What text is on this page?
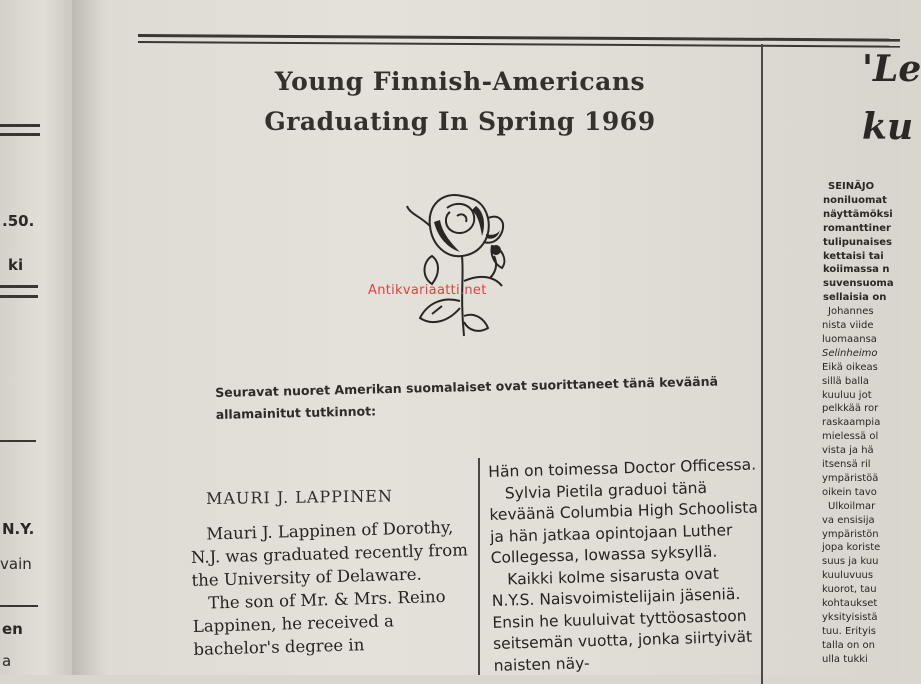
.50.
ki
N.Y.
vain
en
a
Young Finnish-Americans
Graduating In Spring 1969
Antikvariaatti.net
Seuravat nuoret Amerikan suomalaiset ovat suorittaneet tänä keväänä
allamainitut tutkinnot:
MAURI J. LAPPINEN

Mauri J. Lappinen of Dorothy, N.J. was graduated recently from the University of Delaware.

The son of Mr. & Mrs. Reino Lappinen, he received a bachelor's degree in

Hän on toimessa Doctor Officessa.

Sylvia Pietila graduoi tänä keväänä Columbia High Schoolista ja hän jatkaa opintojaan Luther Collegessa, Iowassa syksyllä.

Kaikki kolme sisarusta ovat N.Y.S. Naisvoimistelijain jäseniä. Ensin he kuuluivat tyttöosastoon seitsemän vuotta, jonka siirtyivät naisten näy-

'Le
ku
SEINÄJO
noniluomat
näyttämöksi
romanttiner
tulipunaises
kettaisi tai
koiimassa n
suvensuoma
sellaisia on
Johannes
nista viide
luomaansa
Selinheimo
Eikä oikeas
sillä balla
kuuluu jot
pelkkää ror
raskaampia
mielessä ol
vista ja hä
itsensä ril
ympäristöä
oikein tavo
Ulkoilmar
va ensisija
ympäristön
jopa koriste
suus ja kuu
kuuluvuus
kuorot, tau
kohtaukset
yksityisistä
tuu. Erityis
talla on on
ulla tukki
